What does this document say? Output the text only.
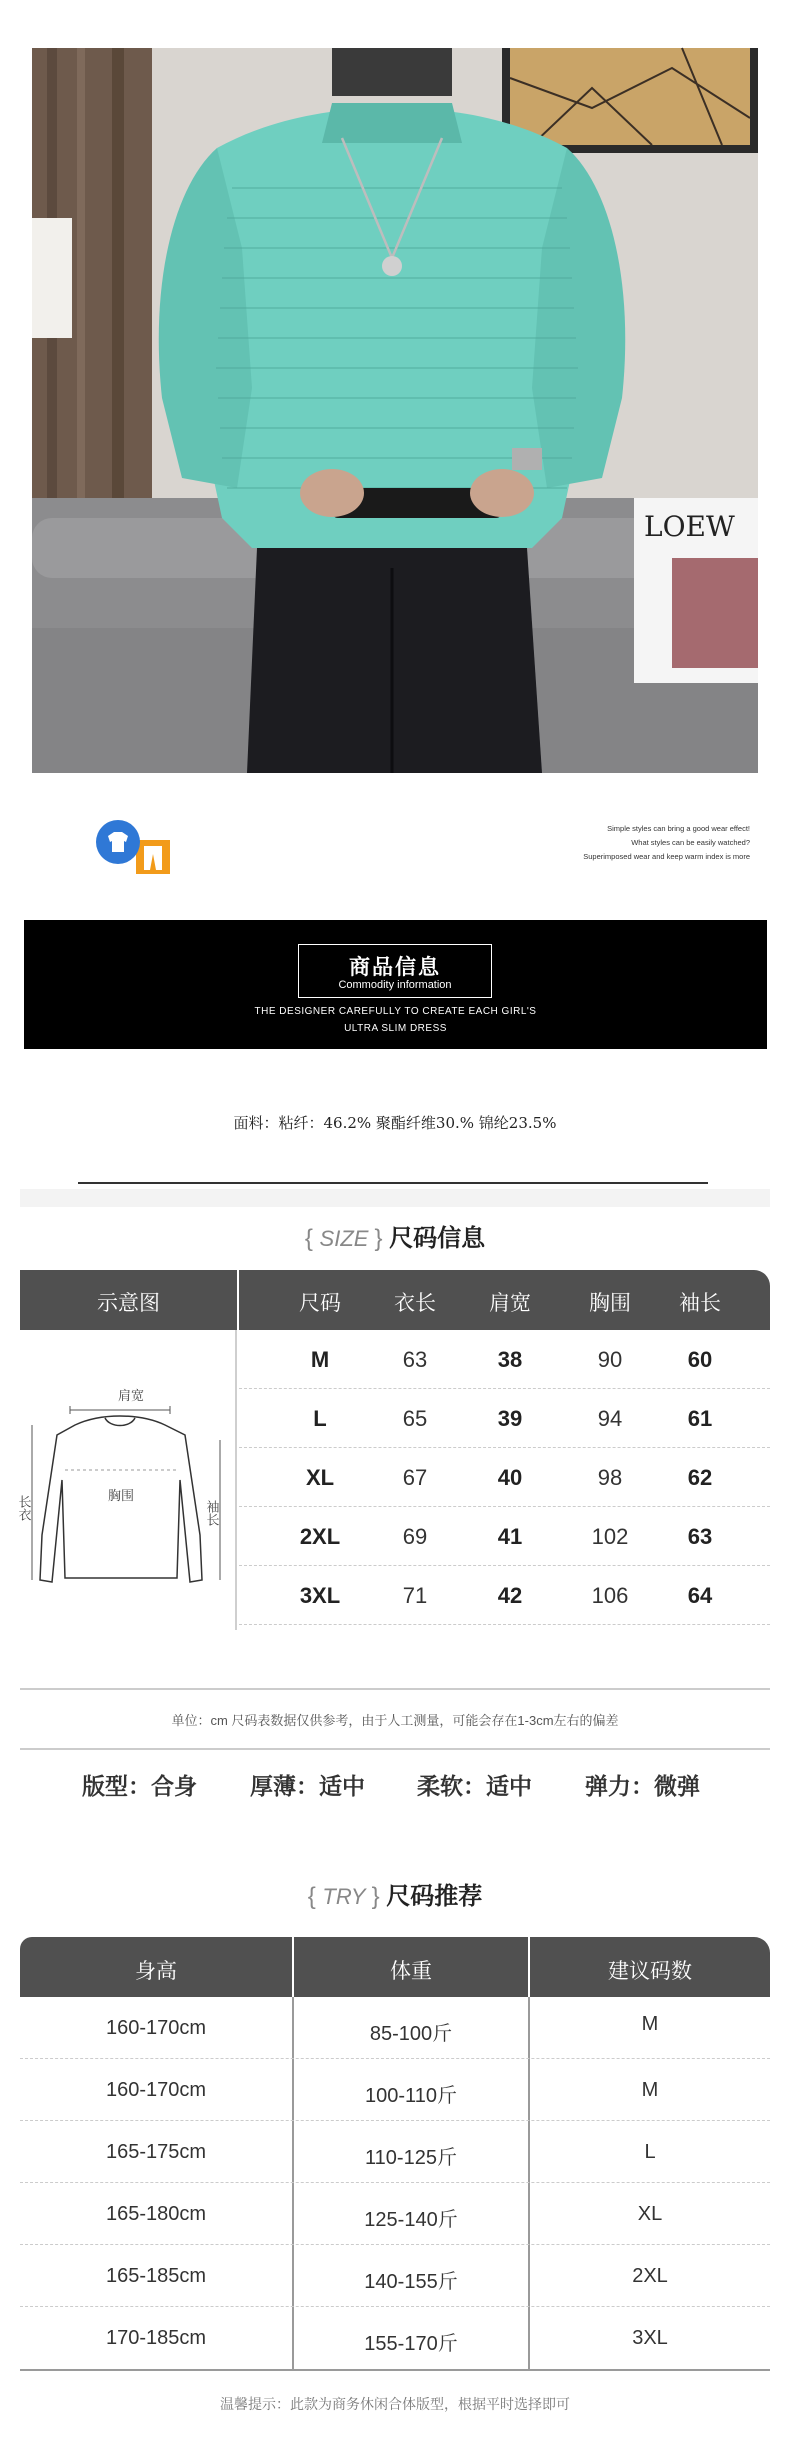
LOEW
Simple styles can bring a good wear effect!
What styles can be easily watched?
Superimposed wear and keep warm index is more
商品信息
Commodity information
THE DESIGNER CAREFULLY TO CREATE EACH GIRL'S
ULTRA SLIM DRESS
面料：粘纤：46.2% 聚酯纤维30.% 锦纶23.5%
{ SIZE } 尺码信息
示意图	尺码	衣长	肩宽	胸围	袖长
肩宽
胸围
长衣	袖长
M	63	38	90	60
L	65	39	94	61
XL	67	40	98	62
2XL	69	41	102	63
3XL	71	42	106	64
单位：cm 尺码表数据仅供参考，由于人工测量，可能会存在1-3cm左右的偏差
版型：合身 厚薄：适中 柔软：适中 弹力：微弹
{ TRY } 尺码推荐
身高	体重	建议码数
160-170cm	85-100斤	M
160-170cm	100-110斤	M
165-175cm	110-125斤	L
165-180cm	125-140斤	XL
165-185cm	140-155斤	2XL
170-185cm	155-170斤	3XL
温馨提示：此款为商务休闲合体版型，根据平时选择即可
